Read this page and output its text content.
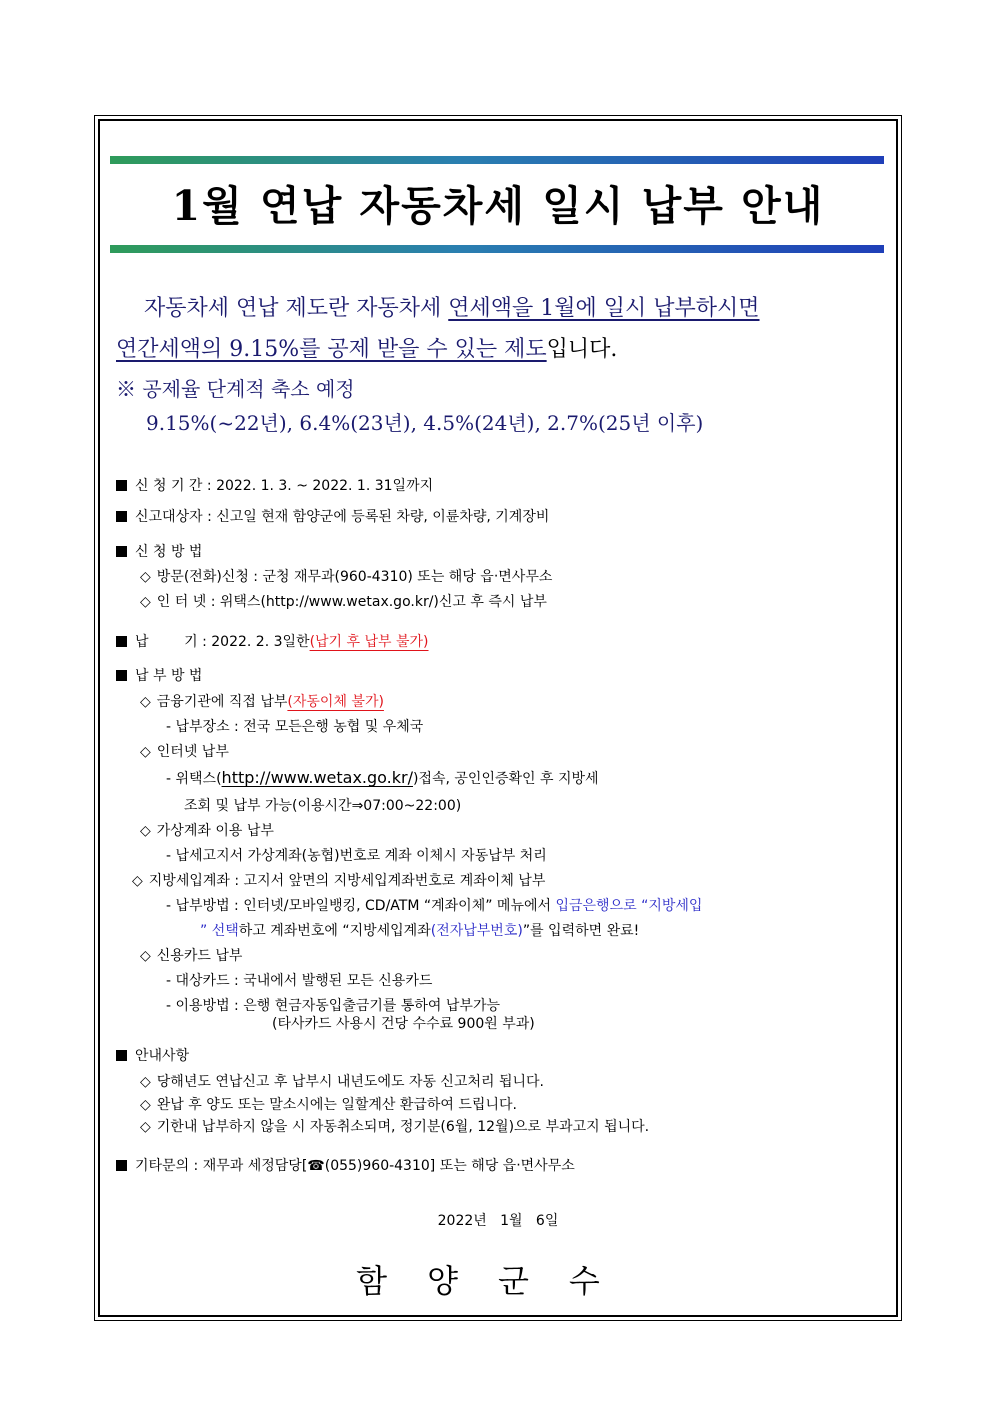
1월 연납 자동차세 일시 납부 안내
자동차세 연납 제도란 자동차세 연세액을 1월에 일시 납부하시면
연간세액의 9.15%를 공제 받을 수 있는 제도입니다.
※ 공제율 단계적 축소 예정
9.15%(~22년), 6.4%(23년), 4.5%(24년), 2.7%(25년 이후)
신 청 기 간 : 2022. 1. 3. ~ 2022. 1. 31일까지
신고대상자 : 신고일 현재 함양군에 등록된 차량, 이륜차량, 기계장비
신 청 방 법
◇ 방문(전화)신청 : 군청 재무과(960-4310) 또는 해당 읍‧면사무소
◇ 인 터 넷 : 위택스(http://www.wetax.go.kr/)신고 후 즉시 납부
납        기 : 2022. 2. 3일한(납기 후 납부 불가)
납 부 방 법
◇ 금융기관에 직접 납부(자동이체 불가)
- 납부장소 : 전국 모든은행 농협 및 우체국
◇ 인터넷 납부
- 위택스(http://www.wetax.go.kr/)접속, 공인인증확인 후 지방세
조회 및 납부 가능(이용시간⇒07:00~22:00)
◇ 가상계좌 이용 납부
- 납세고지서 가상계좌(농협)번호로 계좌 이체시 자동납부 처리
◇ 지방세입계좌 : 고지서 앞면의 지방세입계좌번호로 계좌이체 납부
- 납부방법 : 인터넷/모바일뱅킹, CD/ATM “계좌이체” 메뉴에서 입금은행으로 “지방세입
” 선택하고 계좌번호에 “지방세입계좌(전자납부번호)”를 입력하면 완료!
◇ 신용카드 납부
- 대상카드 : 국내에서 발행된 모든 신용카드
- 이용방법 : 은행 현금자동입출금기를 통하여 납부가능
(타사카드 사용시 건당 수수료 900원 부과)
안내사항
◇ 당해년도 연납신고 후 납부시 내년도에도 자동 신고처리 됩니다.
◇ 완납 후 양도 또는 말소시에는 일할계산 환급하여 드립니다.
◇ 기한내 납부하지 않을 시 자동취소되며, 정기분(6월, 12월)으로 부과고지 됩니다.
기타문의 : 재무과 세정담당[☎(055)960-4310] 또는 해당 읍‧면사무소
2022년   1월   6일
함양군수
